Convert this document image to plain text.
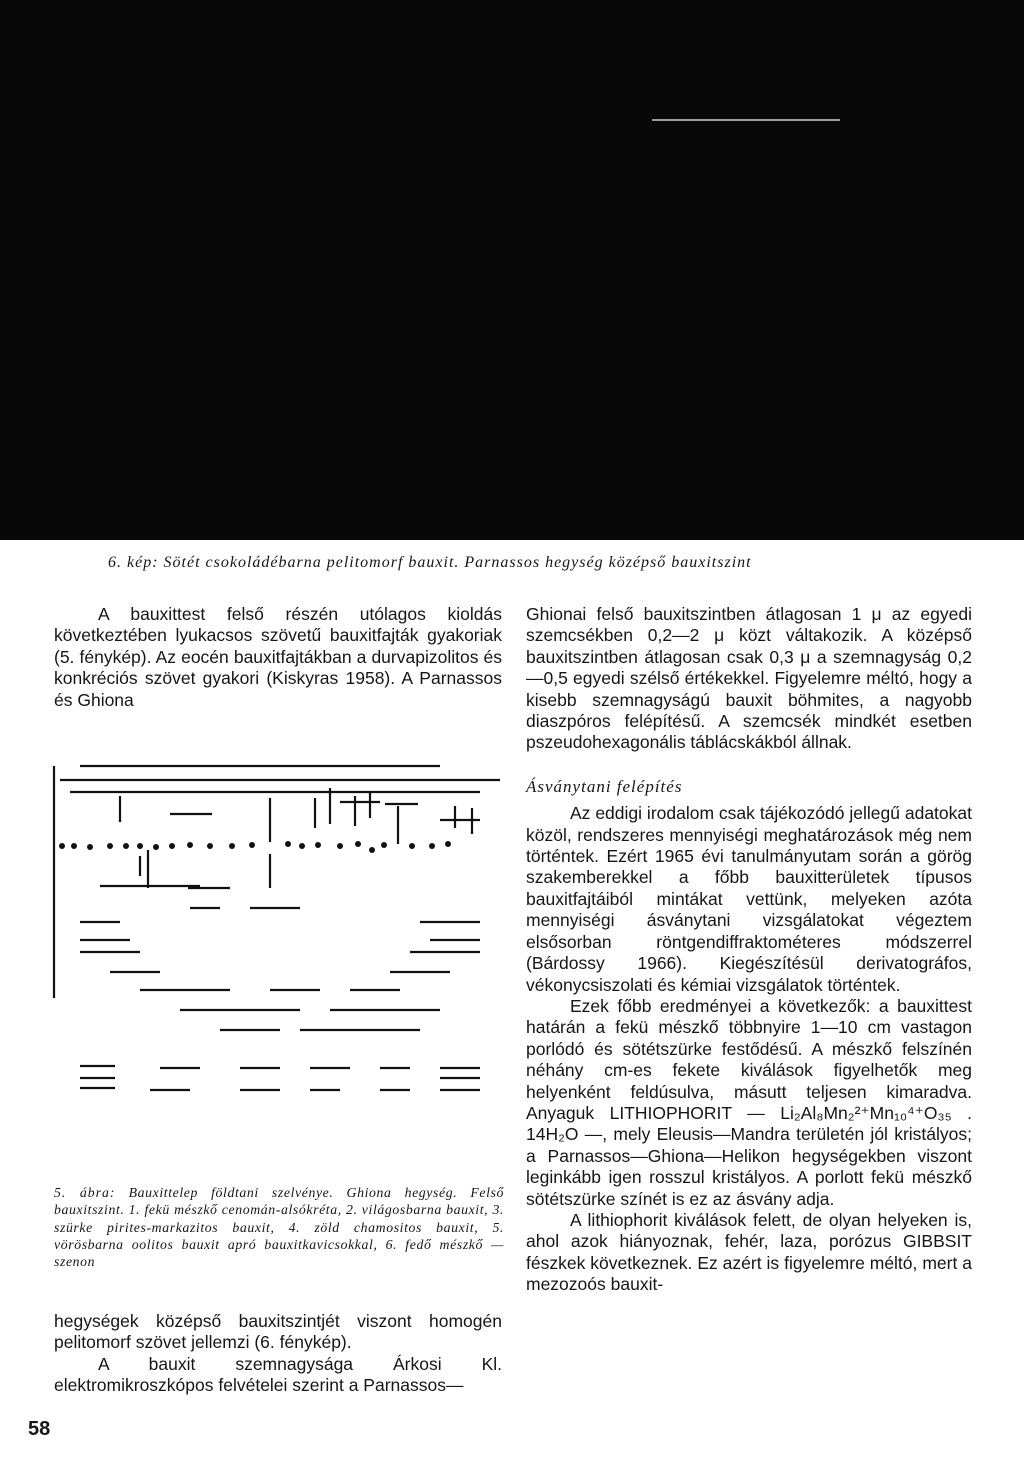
6. kép: Sötét csokoládébarna pelitomorf bauxit. Parnassos hegység középső bauxitszint

A bauxittest felső részén utólagos kioldás következtében lyukacsos szövetű bauxitfajták gyakoriak (5. fénykép). Az eocén bauxitfajtákban a durvapizolitos és konkréciós szövet gyakori (Kiskyras 1958). A Parnassos és Ghiona

5. ábra: Bauxittelep földtani szelvénye. Ghiona hegység. Felső bauxitszint. 1. fekü mészkő cenomán-alsókréta, 2. világosbarna bauxit, 3. szürke pirites-markazitos bauxit, 4. zöld chamositos bauxit, 5. vörösbarna oolitos bauxit apró bauxitkavicsokkal, 6. fedő mészkő — szenon

hegységek középső bauxitszintjét viszont homogén pelitomorf szövet jellemzi (6. fénykép).

A bauxit szemnagysága Árkosi Kl. elektromikroszkópos felvételei szerint a Parnassos—

Ghionai felső bauxitszintben átlagosan 1 μ az egyedi szemcsékben 0,2—2 μ közt váltakozik. A középső bauxitszintben átlagosan csak 0,3 μ a szemnagyság 0,2—0,5 egyedi szélső értékekkel. Figyelemre méltó, hogy a kisebb szemnagyságú bauxit böhmites, a nagyobb diaszpóros felépítésű. A szemcsék mindkét esetben pszeudohexagonális táblácskákból állnak.

Ásványtani felépítés

Az eddigi irodalom csak tájékozódó jellegű adatokat közöl, rendszeres mennyiségi meghatározások még nem történtek. Ezért 1965 évi tanulmányutam során a görög szakemberekkel a főbb bauxitterületek típusos bauxitfajtáiból mintákat vettünk, melyeken azóta mennyiségi ásványtani vizsgálatokat végeztem elsősorban röntgendiffraktométeres módszerrel (Bárdossy 1966). Kiegészítésül derivatográfos, vékonycsiszolati és kémiai vizsgálatok történtek.

Ezek főbb eredményei a következők: a bauxittest határán a fekü mészkő többnyire 1—10 cm vastagon porlódó és sötétszürke festődésű. A mészkő felszínén néhány cm-es fekete kiválások figyelhetők meg helyenként feldúsulva, másutt teljesen kimaradva. Anyaguk LITHIOPHORIT — Li₂Al₈Mn₂²⁺Mn₁₀⁴⁺O₃₅ . 14H₂O —, mely Eleusis—Mandra területén jól kristályos; a Parnassos—Ghiona—Helikon hegységekben viszont leginkább igen rosszul kristályos. A porlott fekü mészkő sötétszürke színét is ez az ásvány adja.

A lithiophorit kiválások felett, de olyan helyeken is, ahol azok hiányoznak, fehér, laza, porózus GIBBSIT fészkek következnek. Ez azért is figyelemre méltó, mert a mezozoós bauxit-

58
